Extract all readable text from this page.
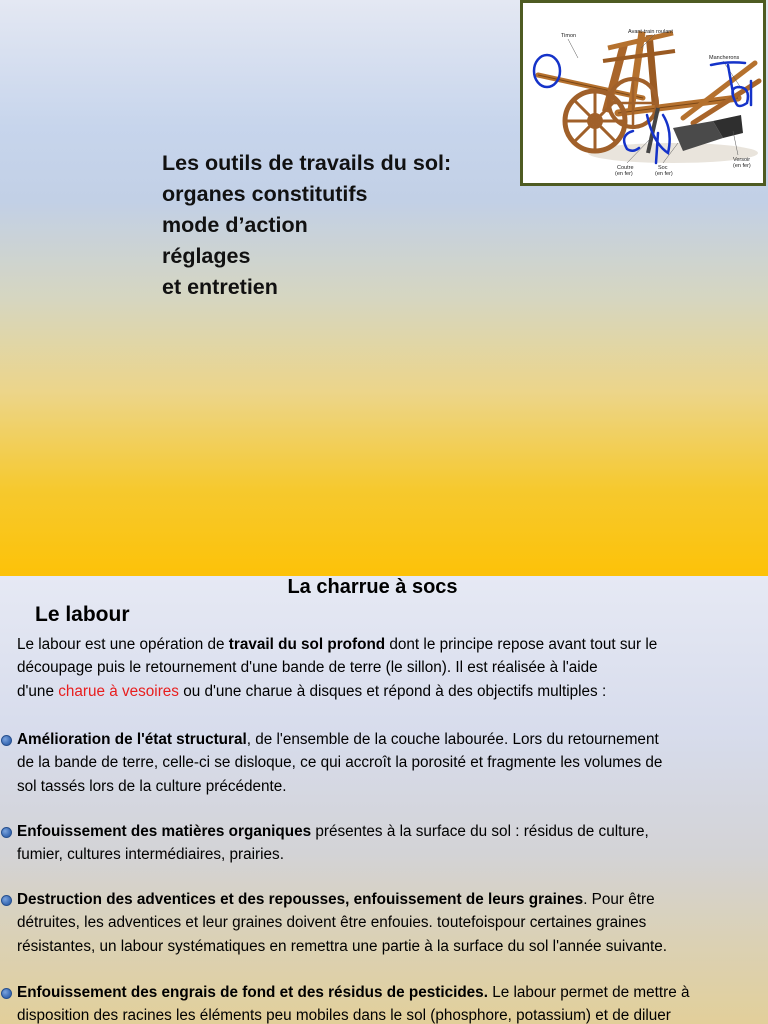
Les outils de travails du sol:
organes constitutifs
mode d’action
réglages
et entretien
Avant-train roulant
Timon
Mancherons
Coutre
(en fer)
Soc
(en fer)
Versoir
(en fer)
La charrue à socs
Le labour
Le labour est une opération de travail du sol profond dont le principe repose avant tout sur le
découpage puis le retournement d'une bande de terre (le sillon). Il est réalisée à l'aide
d'une charue à vesoires ou d'une charue à disques et répond à des objectifs multiples :
Amélioration de l'état structural, de l'ensemble de la couche labourée. Lors du retournement
de la bande de terre, celle-ci se disloque, ce qui accroît la porosité et fragmente les volumes de
sol tassés lors de la culture précédente.
Enfouissement des matières organiques présentes à la surface du sol : résidus de culture,
fumier, cultures intermédiaires, prairies.
Destruction des adventices et des repousses, enfouissement de leurs graines. Pour être
détruites, les adventices et leur graines doivent être enfouies. toutefoispour certaines graines
résistantes, un labour systématiques en remettra une partie à la surface du sol l'année suivante.
Enfouissement des engrais de fond et des résidus de pesticides. Le labour permet de mettre à
disposition des racines les éléments peu mobiles dans le sol (phosphore, potassium) et de diluer
